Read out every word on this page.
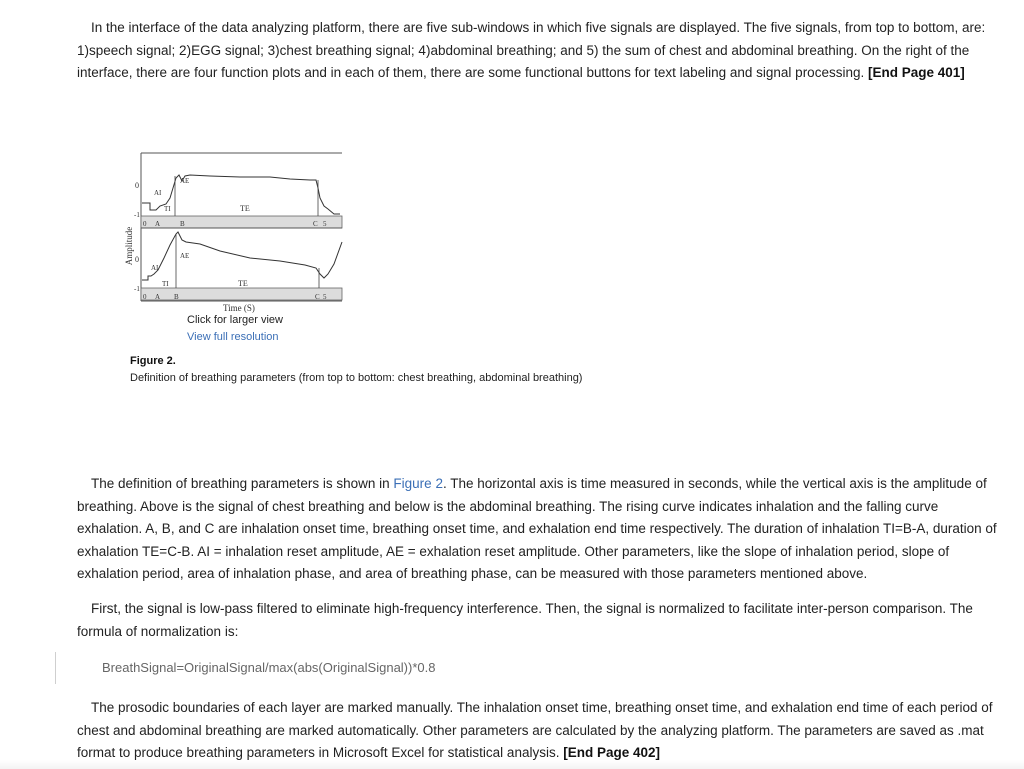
In the interface of the data analyzing platform, there are five sub-windows in which five signals are displayed. The five signals, from top to bottom, are: 1)speech signal; 2)EGG signal; 3)chest breathing signal; 4)abdominal breathing; and 5) the sum of chest and abdominal breathing. On the right of the interface, there are four function plots and in each of them, there are some functional buttons for text labeling and signal processing. [End Page 401]

Amplitude
0
-1
AE
AI
TI	TE
0 A	B	C 5
0
-1
AE
AI
TI	TE
0 A B	C 5
Time (S)
Click for larger view
View full resolution
Figure 2.
Definition of breathing parameters (from top to bottom: chest breathing, abdominal breathing)

The definition of breathing parameters is shown in Figure 2. The horizontal axis is time measured in seconds, while the vertical axis is the amplitude of breathing. Above is the signal of chest breathing and below is the abdominal breathing. The rising curve indicates inhalation and the falling curve exhalation. A, B, and C are inhalation onset time, breathing onset time, and exhalation end time respectively. The duration of inhalation TI=B-A, duration of exhalation TE=C-B. AI = inhalation reset amplitude, AE = exhalation reset amplitude. Other parameters, like the slope of inhalation period, slope of exhalation period, area of inhalation phase, and area of breathing phase, can be measured with those parameters mentioned above.

First, the signal is low-pass filtered to eliminate high-frequency interference. Then, the signal is normalized to facilitate inter-person comparison. The formula of normalization is:

BreathSignal=OriginalSignal/max(abs(OriginalSignal))*0.8

The prosodic boundaries of each layer are marked manually. The inhalation onset time, breathing onset time, and exhalation end time of each period of chest and abdominal breathing are marked automatically. Other parameters are calculated by the analyzing platform. The parameters are saved as .mat format to produce breathing parameters in Microsoft Excel for statistical analysis. [End Page 402]
